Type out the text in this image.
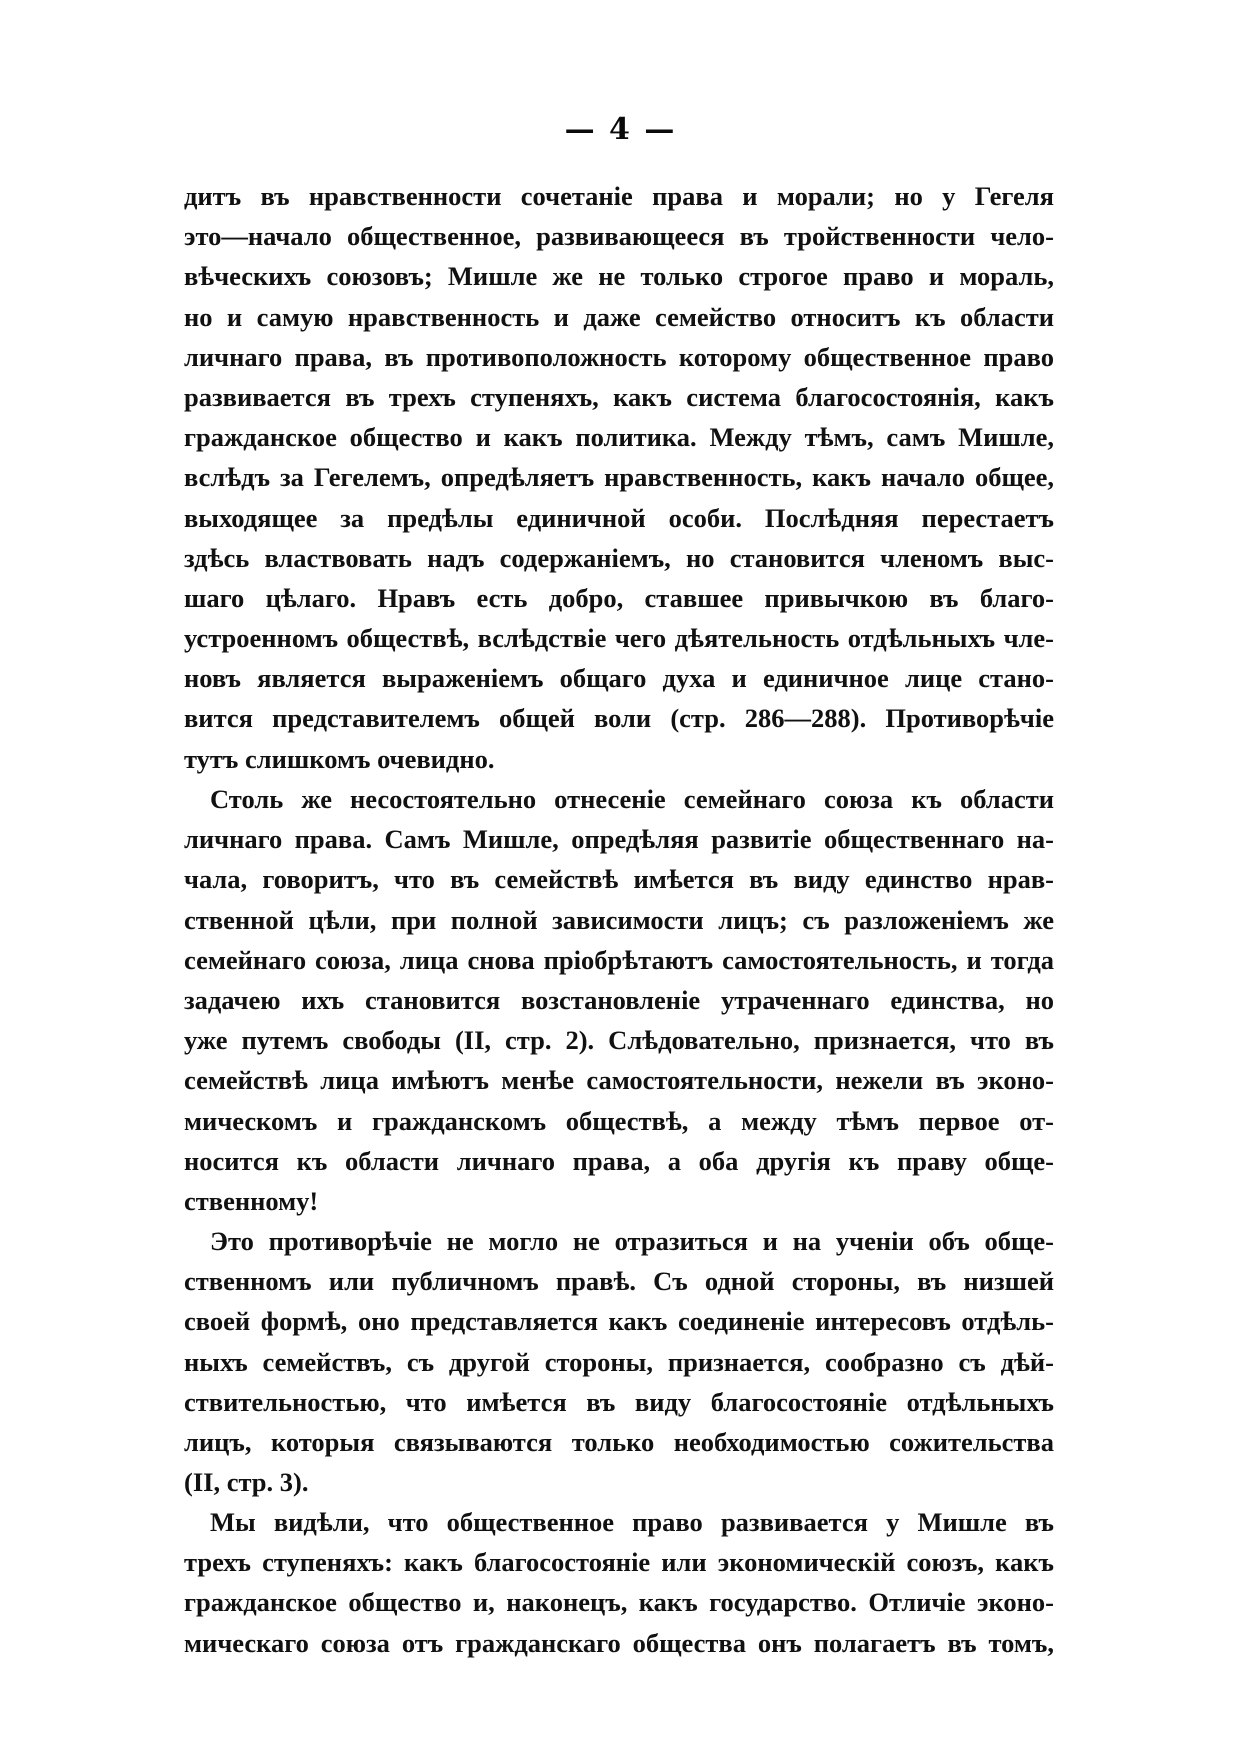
— 4 —
дитъ въ нравственности сочетаніе права и морали; но у Гегеля
это—начало общественное, развивающееся въ тройственности чело-
вѣческихъ союзовъ; Мишле же не только строгое право и мораль,
но и самую нравственность и даже семейство относитъ къ области
личнаго права, въ противоположность которому общественное право
развивается въ трехъ ступеняхъ, какъ система благосостоянія, какъ
гражданское общество и какъ политика. Между тѣмъ, самъ Мишле,
вслѣдъ за Гегелемъ, опредѣляетъ нравственность, какъ начало общее,
выходящее за предѣлы единичной особи. Послѣдняя перестаетъ
здѣсь властвовать надъ содержаніемъ, но становится членомъ выс-
шаго цѣлаго. Нравъ есть добро, ставшее привычкою въ благо-
устроенномъ обществѣ, вслѣдствіе чего дѣятельность отдѣльныхъ чле-
новъ является выраженіемъ общаго духа и единичное лице стано-
вится представителемъ общей воли (стр. 286—288). Противорѣчіе
тутъ слишкомъ очевидно.
Столь же несостоятельно отнесеніе семейнаго союза къ области
личнаго права. Самъ Мишле, опредѣляя развитіе общественнаго на-
чала, говоритъ, что въ семействѣ имѣется въ виду единство нрав-
ственной цѣли, при полной зависимости лицъ; съ разложеніемъ же
семейнаго союза, лица снова пріобрѣтаютъ самостоятельность, и тогда
задачею ихъ становится возстановленіе утраченнаго единства, но
уже путемъ свободы (II, стр. 2). Слѣдовательно, признается, что въ
семействѣ лица имѣютъ менѣе самостоятельности, нежели въ эконо-
мическомъ и гражданскомъ обществѣ, а между тѣмъ первое от-
носится къ области личнаго права, а оба другія къ праву обще-
ственному!
Это противорѣчіе не могло не отразиться и на ученіи объ обще-
ственномъ или публичномъ правѣ. Съ одной стороны, въ низшей
своей формѣ, оно представляется какъ соединеніе интересовъ отдѣль-
ныхъ семействъ, съ другой стороны, признается, сообразно съ дѣй-
ствительностью, что имѣется въ виду благосостояніе отдѣльныхъ
лицъ, которыя связываются только необходимостью сожительства
(II, стр. 3).
Мы видѣли, что общественное право развивается у Мишле въ
трехъ ступеняхъ: какъ благосостояніе или экономическій союзъ, какъ
гражданское общество и, наконецъ, какъ государство. Отличіе эконо-
мическаго союза отъ гражданскаго общества онъ полагаетъ въ томъ,
